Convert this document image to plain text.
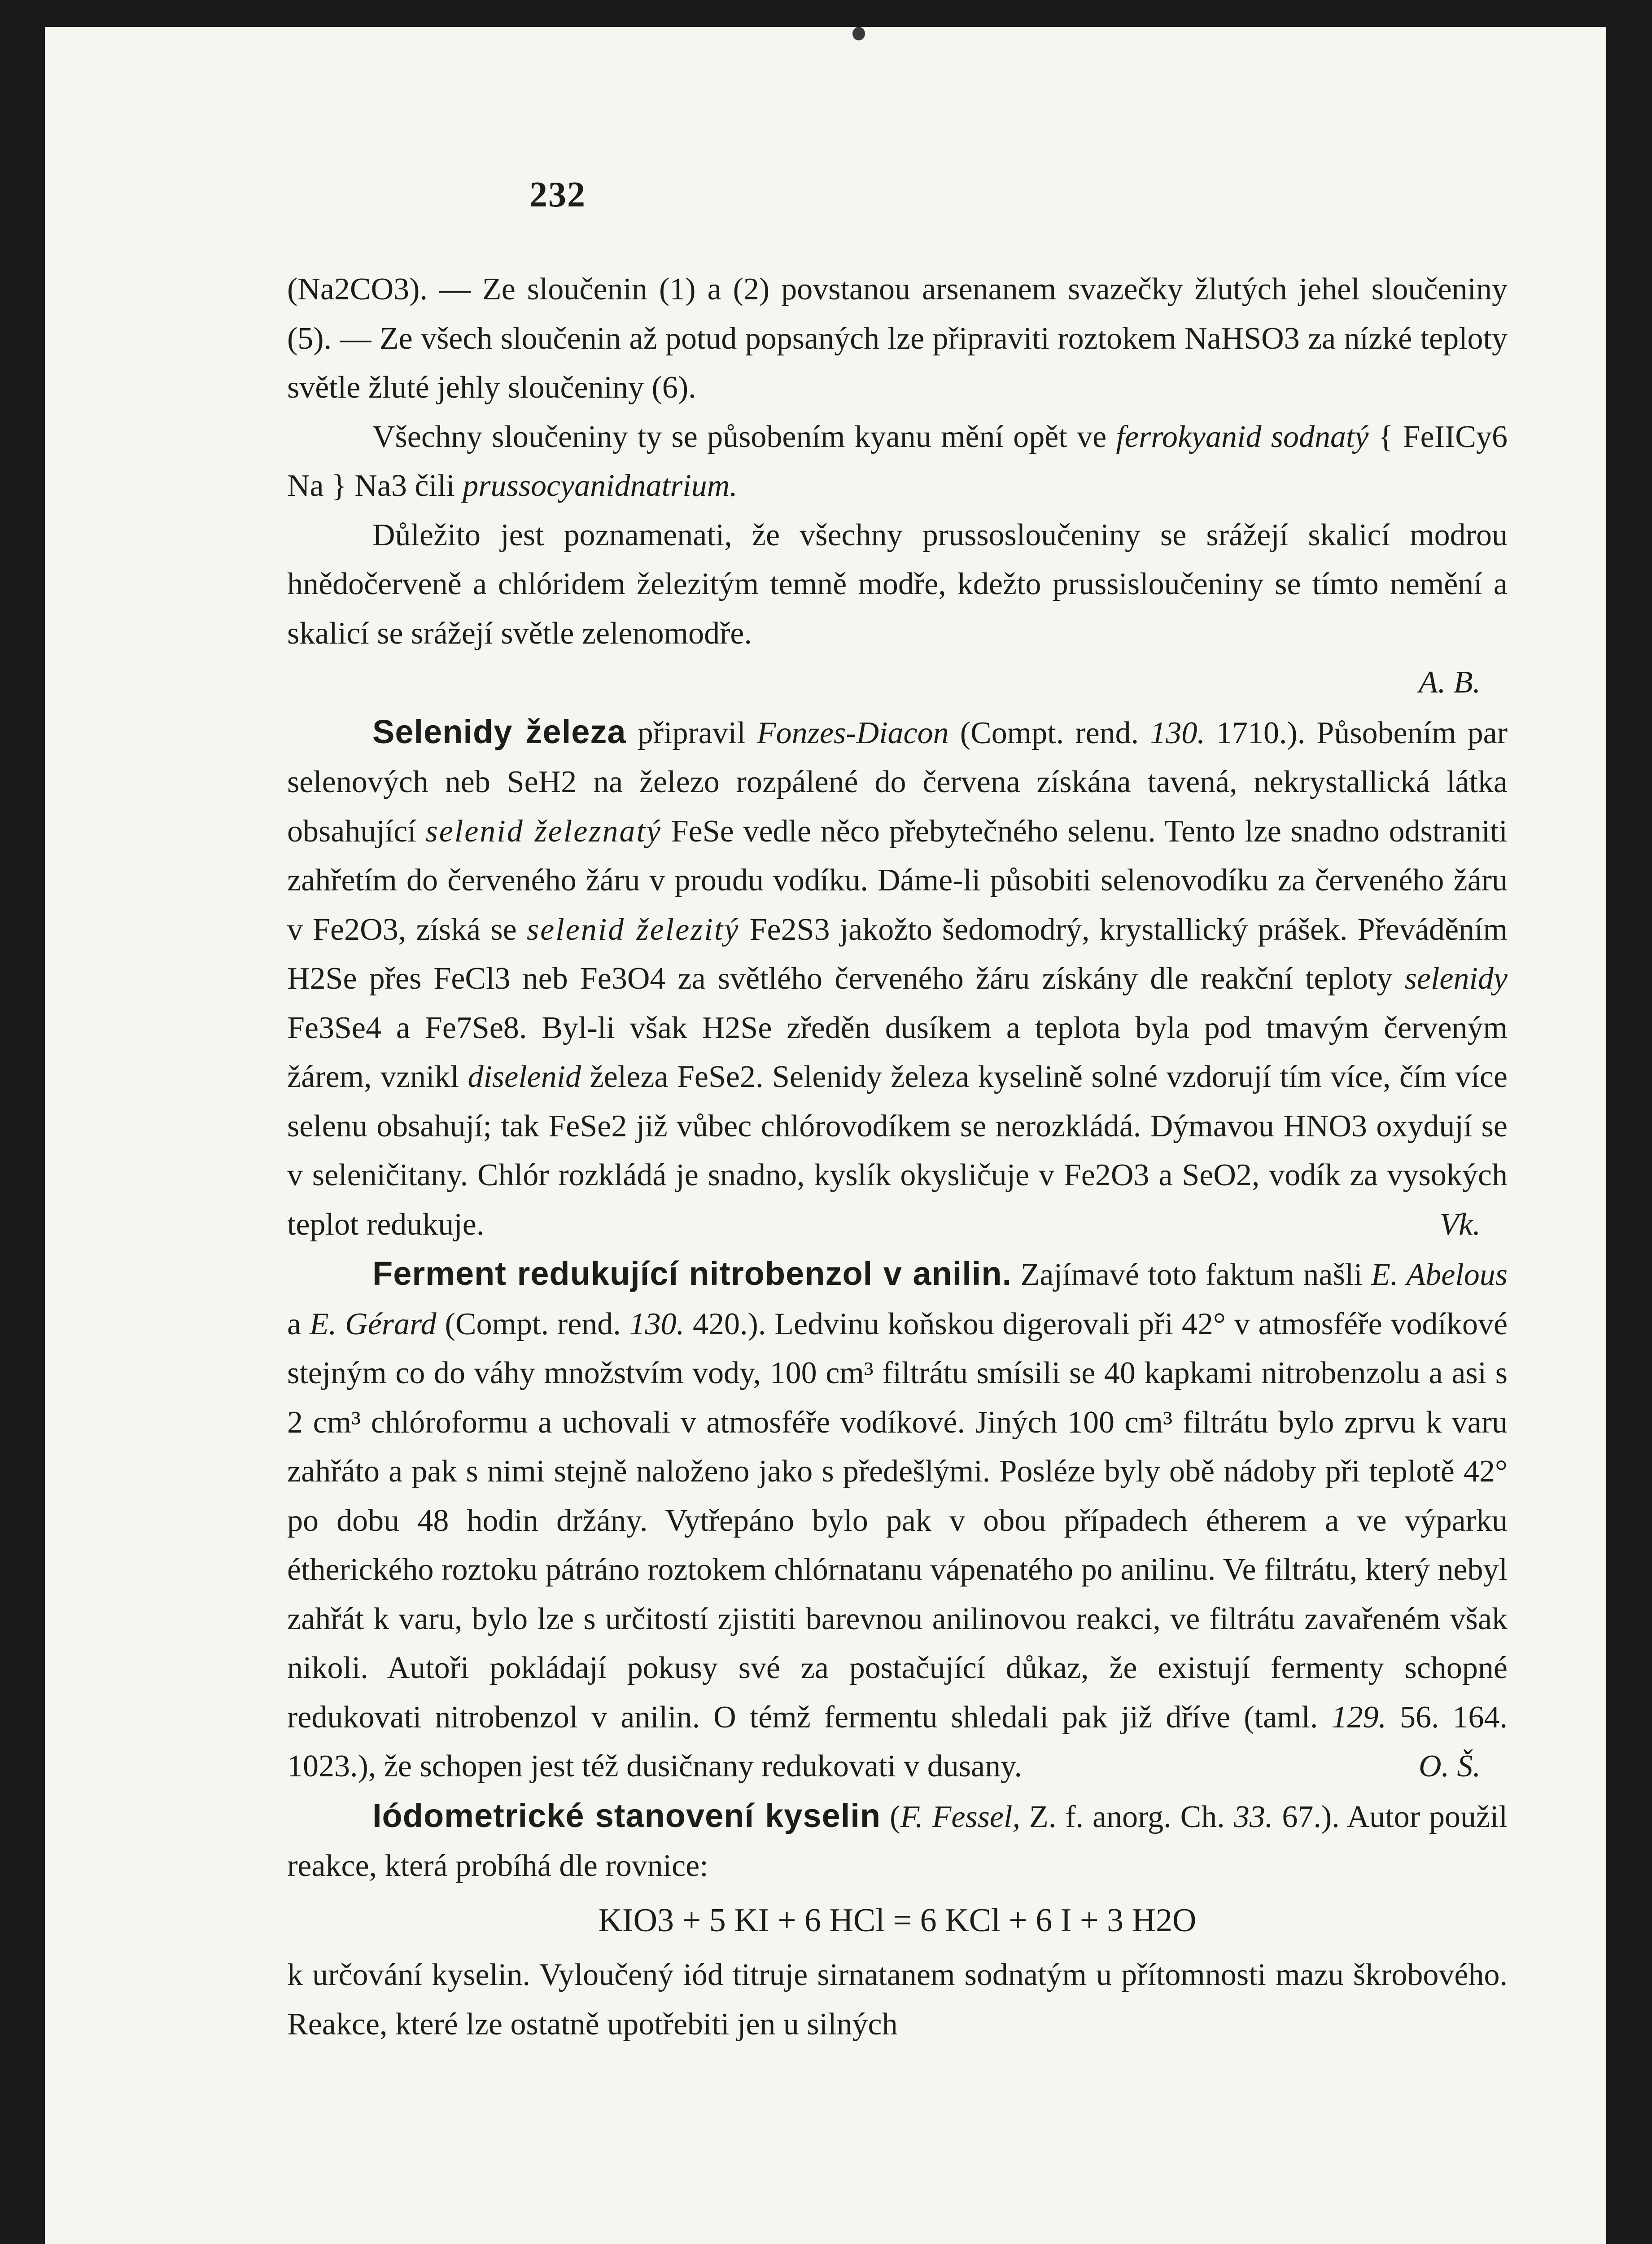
232

(Na2CO3). — Ze sloučenin (1) a (2) povstanou arsenanem svazečky žlutých jehel sloučeniny (5). — Ze všech sloučenin až potud popsaných lze připraviti roztokem NaHSO3 za nízké teploty světle žluté jehly sloučeniny (6).

Všechny sloučeniny ty se působením kyanu mění opět ve ferrokyanid sodnatý { FeIICy6 Na } Na3 čili prussocyanidnatrium.

Důležito jest poznamenati, že všechny prussosloučeniny se srážejí skalicí modrou hnědočerveně a chlóridem železitým temně modře, kdežto prussisloučeniny se tímto nemění a skalicí se srážejí světle zelenomodře.

A. B.

Selenidy železa připravil Fonzes-Diacon (Compt. rend. 130. 1710.). Působením par selenových neb SeH2 na železo rozpálené do červena získána tavená, nekrystallická látka obsahující selenid železnatý FeSe vedle něco přebytečného selenu. Tento lze snadno odstraniti zahřetím do červeného žáru v proudu vodíku. Dáme-li působiti selenovodíku za červeného žáru v Fe2O3, získá se selenid železitý Fe2S3 jakožto šedomodrý, krystallický prášek. Převáděním H2Se přes FeCl3 neb Fe3O4 za světlého červeného žáru získány dle reakční teploty selenidy Fe3Se4 a Fe7Se8. Byl-li však H2Se zředěn dusíkem a teplota byla pod tmavým červeným žárem, vznikl diselenid železa FeSe2. Selenidy železa kyselině solné vzdorují tím více, čím více selenu obsahují; tak FeSe2 již vůbec chlórovodíkem se nerozkládá. Dýmavou HNO3 oxydují se v seleničitany. Chlór rozkládá je snadno, kyslík okysličuje v Fe2O3 a SeO2, vodík za vysokých teplot redukuje.	Vk.

Ferment redukující nitrobenzol v anilin. Zajímavé toto faktum našli E. Abelous a E. Gérard (Compt. rend. 130. 420.). Ledvinu koňskou digerovali při 42° v atmosféře vodíkové stejným co do váhy množstvím vody, 100 cm³ filtrátu smísili se 40 kapkami nitrobenzolu a asi s 2 cm³ chlóroformu a uchovali v atmosféře vodíkové. Jiných 100 cm³ filtrátu bylo zprvu k varu zahřáto a pak s nimi stejně naloženo jako s předešlými. Posléze byly obě nádoby při teplotě 42° po dobu 48 hodin držány. Vytřepáno bylo pak v obou případech étherem a ve výparku étherického roztoku pátráno roztokem chlórnatanu vápenatého po anilinu. Ve filtrátu, který nebyl zahřát k varu, bylo lze s určitostí zjistiti barevnou anilinovou reakci, ve filtrátu zavařeném však nikoli. Autoři pokládají pokusy své za postačující důkaz, že existují fermenty schopné redukovati nitrobenzol v anilin. O témž fermentu shledali pak již dříve (taml. 129. 56. 164. 1023.), že schopen jest též dusičnany redukovati v dusany.	O. Š.

Iódometrické stanovení kyselin (F. Fessel, Z. f. anorg. Ch. 33. 67.). Autor použil reakce, která probíhá dle rovnice:

KIO3 + 5 KI + 6 HCl = 6 KCl + 6 I + 3 H2O

k určování kyselin. Vyloučený iód titruje sirnatanem sodnatým u přítomnosti mazu škrobového. Reakce, které lze ostatně upotřebiti jen u silných
